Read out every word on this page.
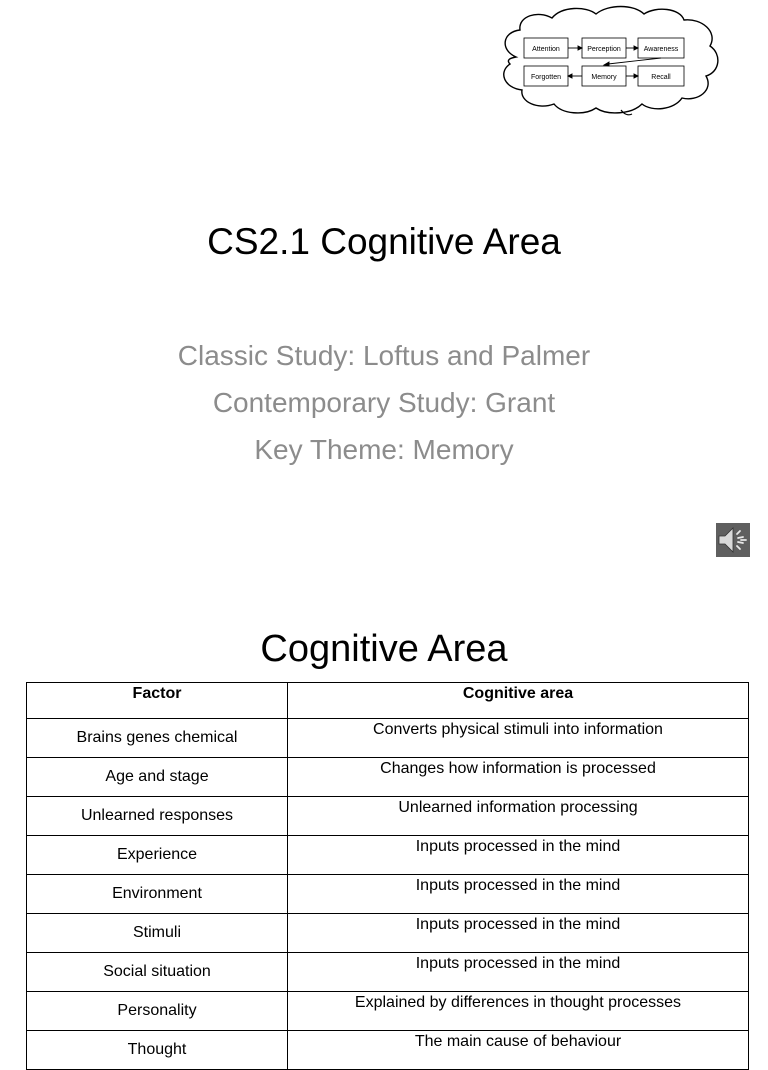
Attention	Perception	Awareness
Forgotten	Memory	Recall
CS2.1 Cognitive Area
Classic Study: Loftus and Palmer
Contemporary Study: Grant
Key Theme: Memory
Cognitive Area
Factor	Cognitive area
Brains genes chemical	Converts physical stimuli into information
Age and stage	Changes how information is processed
Unlearned responses	Unlearned information processing
Experience	Inputs processed in the mind
Environment	Inputs processed in the mind
Stimuli	Inputs processed in the mind
Social situation	Inputs processed in the mind
Personality	Explained by differences in thought processes
Thought	The main cause of behaviour
